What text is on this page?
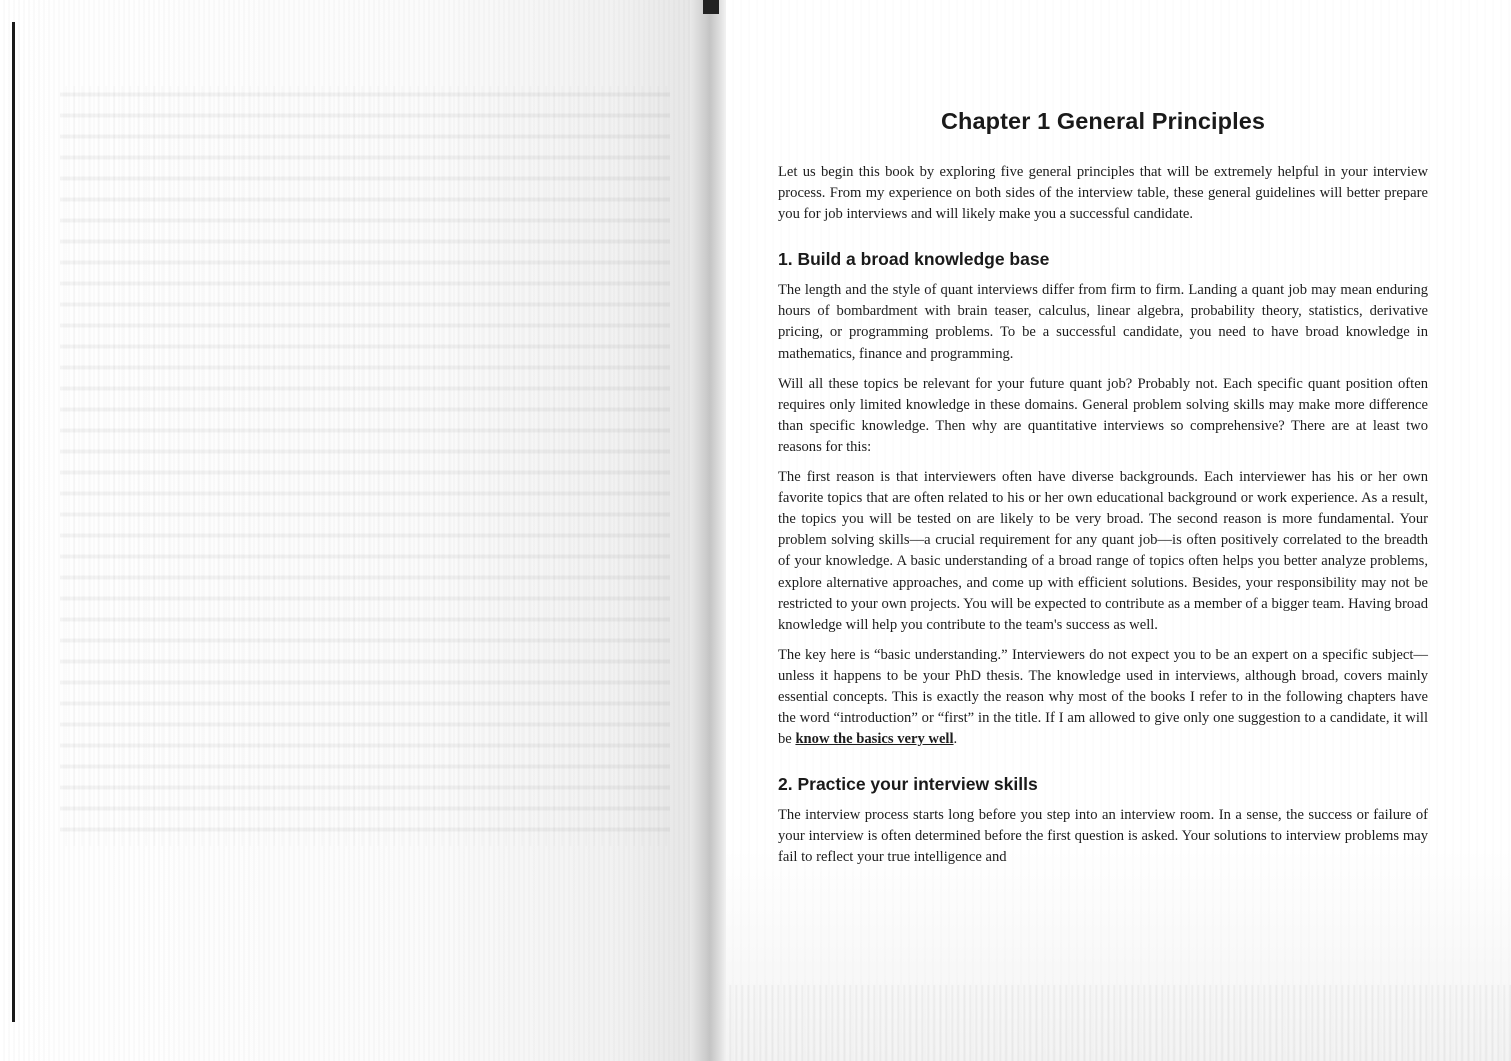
Chapter 1 General Principles

Let us begin this book by exploring five general principles that will be extremely helpful in your interview process. From my experience on both sides of the interview table, these general guidelines will better prepare you for job interviews and will likely make you a successful candidate.

1. Build a broad knowledge base

The length and the style of quant interviews differ from firm to firm. Landing a quant job may mean enduring hours of bombardment with brain teaser, calculus, linear algebra, probability theory, statistics, derivative pricing, or programming problems. To be a successful candidate, you need to have broad knowledge in mathematics, finance and programming.

Will all these topics be relevant for your future quant job? Probably not. Each specific quant position often requires only limited knowledge in these domains. General problem solving skills may make more difference than specific knowledge. Then why are quantitative interviews so comprehensive? There are at least two reasons for this:

The first reason is that interviewers often have diverse backgrounds. Each interviewer has his or her own favorite topics that are often related to his or her own educational background or work experience. As a result, the topics you will be tested on are likely to be very broad. The second reason is more fundamental. Your problem solving skills—a crucial requirement for any quant job—is often positively correlated to the breadth of your knowledge. A basic understanding of a broad range of topics often helps you better analyze problems, explore alternative approaches, and come up with efficient solutions. Besides, your responsibility may not be restricted to your own projects. You will be expected to contribute as a member of a bigger team. Having broad knowledge will help you contribute to the team's success as well.

The key here is “basic understanding.” Interviewers do not expect you to be an expert on a specific subject—unless it happens to be your PhD thesis. The knowledge used in interviews, although broad, covers mainly essential concepts. This is exactly the reason why most of the books I refer to in the following chapters have the word “introduction” or “first” in the title. If I am allowed to give only one suggestion to a candidate, it will be know the basics very well.

2. Practice your interview skills

The interview process starts long before you step into an interview room. In a sense, the success or failure of your interview is often determined before the first question is asked. Your solutions to interview problems may fail to reflect your true intelligence and
